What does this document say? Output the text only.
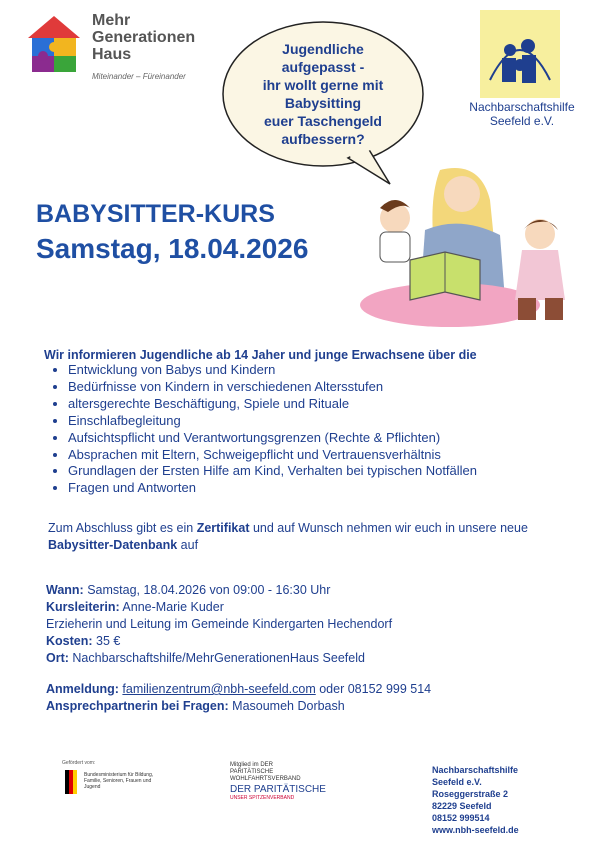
Mehr
Generationen
Haus
Miteinander – Füreinander
Jugendliche
aufgepasst -
ihr wollt gerne mit
Babysitting
euer Taschengeld
aufbessern?
Nachbarschaftshilfe
Seefeld e.V.
BABYSITTER-KURS
Samstag, 18.04.2026
Wir informieren Jugendliche ab 14 Jaher und junge Erwachsene über die
• Entwicklung von Babys und Kindern
• Bedürfnisse von Kindern in verschiedenen Altersstufen
• altersgerechte Beschäftigung, Spiele und Rituale
• Einschlafbegleitung
• Aufsichtspflicht und Verantwortungsgrenzen (Rechte & Pflichten)
• Absprachen mit Eltern, Schweigepflicht und Vertrauensverhältnis
• Grundlagen der Ersten Hilfe am Kind, Verhalten bei typischen Notfällen
• Fragen und Antworten
Zum Abschluss gibt es ein Zertifikat und auf Wunsch nehmen wir euch in unsere neue Babysitter-Datenbank auf
Wann: Samstag, 18.04.2026 von 09:00 - 16:30 Uhr
Kursleiterin: Anne-Marie Kuder
Erzieherin und Leitung im Gemeinde Kindergarten Hechendorf
Kosten: 35 €
Ort: Nachbarschaftshilfe/MehrGenerationenHaus Seefeld
Anmeldung: familienzentrum@nbh-seefeld.com oder 08152 999 514
Ansprechpartnerin bei Fragen: Masoumeh Dorbash
Gefördert vom:
Bundesministerium für Bildung, Familie, Senioren, Frauen und Jugend
Mitglied im DER PARITÄTISCHE
WOHLFAHRTSVERBAND
DER PARITÄTISCHE
UNSER SPITZENVERBAND
Nachbarschaftshilfe
Seefeld e.V.
Roseggerstraße 2
82229 Seefeld
08152 999514
www.nbh-seefeld.de
